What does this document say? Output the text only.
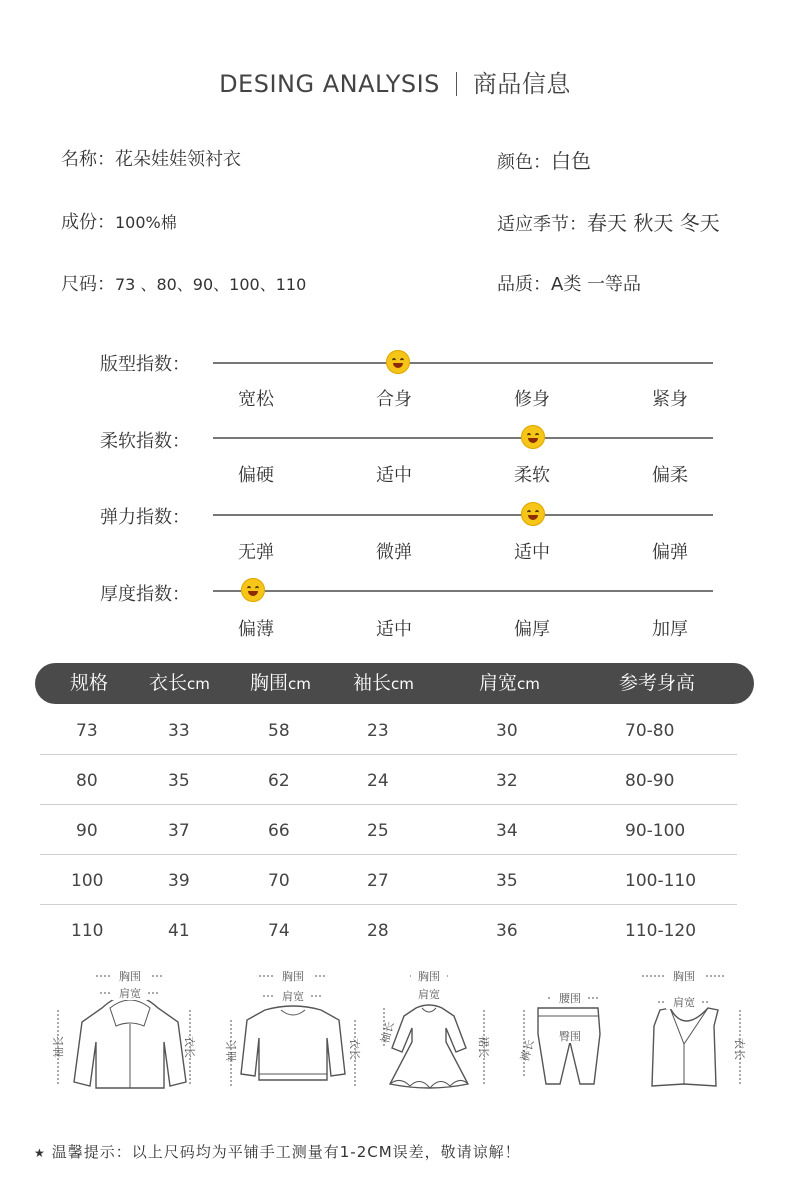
DESING ANALYSIS 商品信息
名称：花朵娃娃领衬衣	颜色：白色
成份：100%棉	适应季节：春天 秋天 冬天
尺码：73 、80、90、100、110	品质：A类 一等品
版型指数：
宽松	合身	修身	紧身
柔软指数：
偏硬	适中	柔软	偏柔
弹力指数：
无弹	微弹	适中	偏弹
厚度指数：
偏薄	适中	偏厚	加厚
规格 衣长cm 胸围cm 袖长cm	肩宽cm	参考身高
73	33	58	23	30	70-80
80	35	62	24	32	80-90
90	37	66	25	34	90-100
100	39	70	27	35	100-110
110	41	74	28	36	110-120
胸围
肩宽
袖长	衣长
胸围
肩宽
袖长	衣长
胸围
肩宽
袖长
裙长
腰围
臀围
裤长
胸围
肩宽
衣长
★ 温馨提示：以上尺码均为平铺手工测量有1-2CM误差，敬请谅解！
